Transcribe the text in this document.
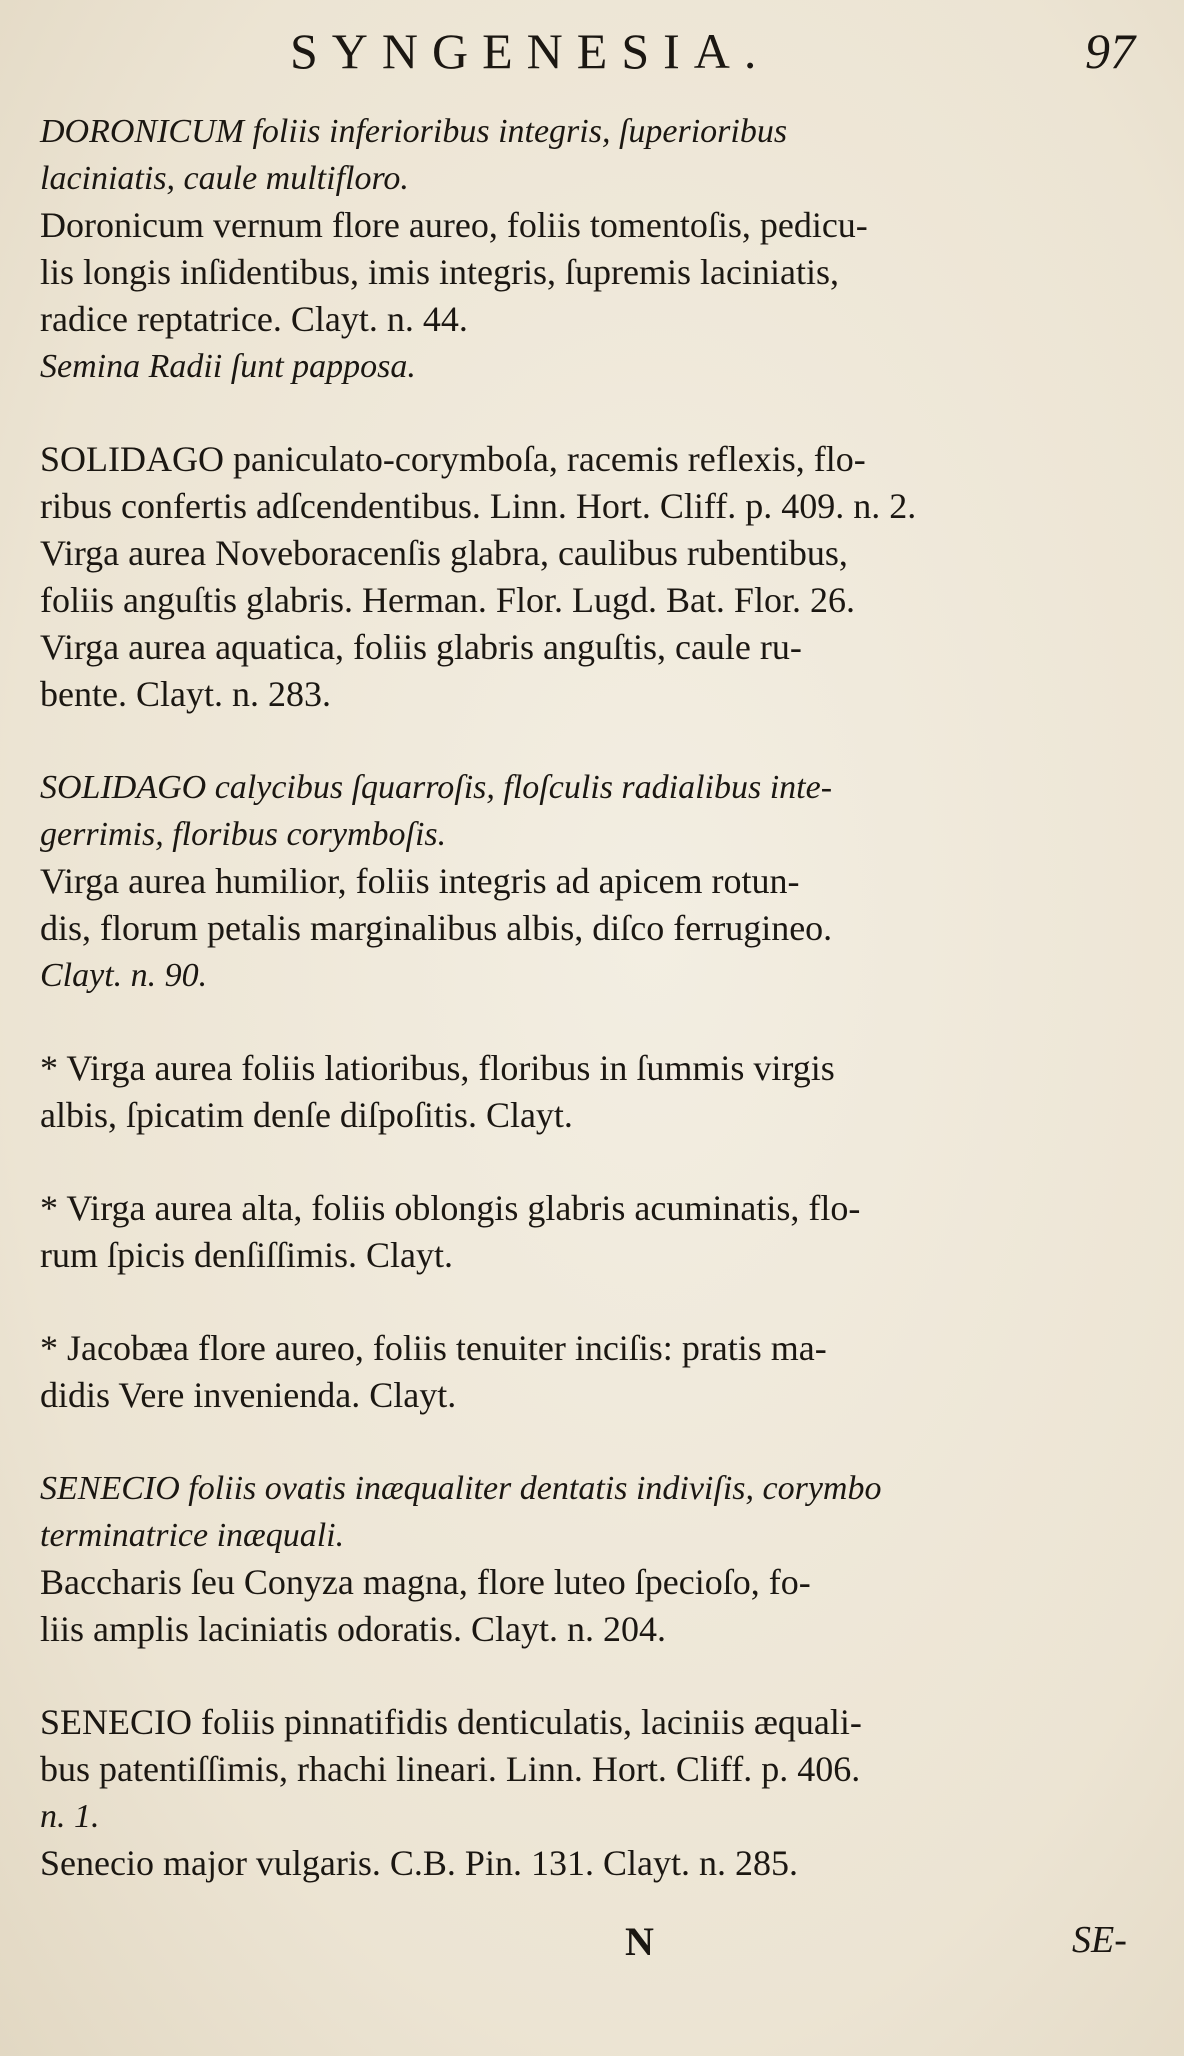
SYNGENESIA.	97
DORONICUM foliis inferioribus integris, ſuperioribus
laciniatis, caule multifloro.
Doronicum vernum flore aureo, foliis tomentoſis, pedicu-
lis longis inſidentibus, imis integris, ſupremis laciniatis,
radice reptatrice. Clayt. n. 44.
Semina Radii ſunt papposa.
SOLIDAGO paniculato-corymboſa, racemis reflexis, flo-
ribus confertis adſcendentibus. Linn. Hort. Cliff. p. 409. n. 2.
Virga aurea Noveboracenſis glabra, caulibus rubentibus,
foliis anguſtis glabris. Herman. Flor. Lugd. Bat. Flor. 26.
Virga aurea aquatica, foliis glabris anguſtis, caule ru-
bente. Clayt. n. 283.
SOLIDAGO calycibus ſquarroſis, floſculis radialibus inte-
gerrimis, floribus corymboſis.
Virga aurea humilior, foliis integris ad apicem rotun-
dis, florum petalis marginalibus albis, diſco ferrugineo.
Clayt. n. 90.
* Virga aurea foliis latioribus, floribus in ſummis virgis
albis, ſpicatim denſe diſpoſitis. Clayt.
* Virga aurea alta, foliis oblongis glabris acuminatis, flo-
rum ſpicis denſiſſimis. Clayt.
* Jacobæa flore aureo, foliis tenuiter inciſis: pratis ma-
didis Vere invenienda. Clayt.
SENECIO foliis ovatis inæqualiter dentatis indiviſis, corymbo
terminatrice inæquali.
Baccharis ſeu Conyza magna, flore luteo ſpecioſo, fo-
liis amplis laciniatis odoratis. Clayt. n. 204.
SENECIO foliis pinnatifidis denticulatis, laciniis æquali-
bus patentiſſimis, rhachi lineari. Linn. Hort. Cliff. p. 406.
n. 1.
Senecio major vulgaris. C.B. Pin. 131. Clayt. n. 285.
N	SE-
